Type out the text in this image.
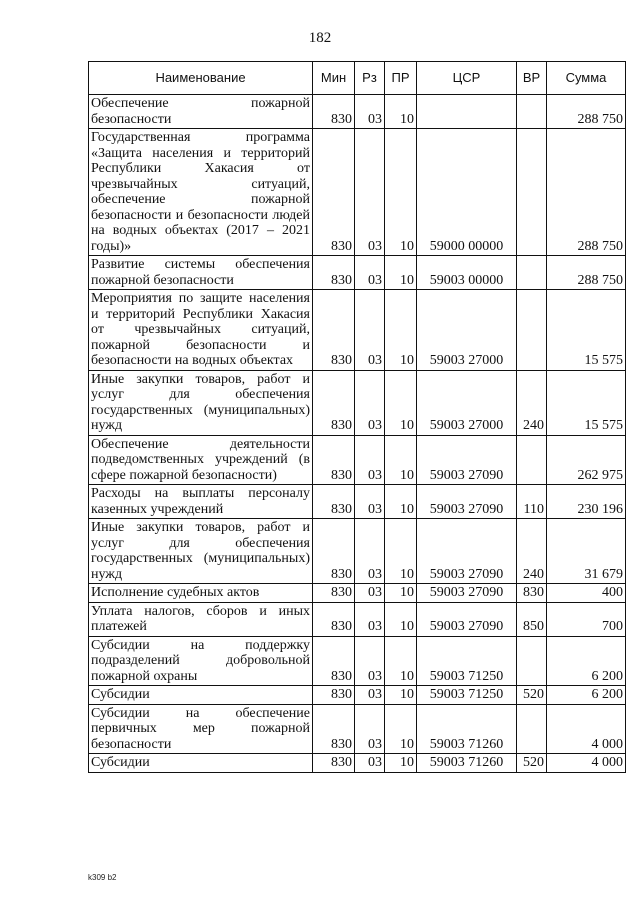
182
Наименование	Мин	Рз	ПР	ЦСР	ВР	Сумма
Обеспечение пожарной безопасности	830	03	10			288 750
Государственная программа «Защита населения и территорий Республики Хакасия от чрезвычайных ситуаций, обеспечение пожарной безопасности и безопасности людей на водных объектах (2017 – 2021 годы)»	830	03	10	59000 00000		288 750
Развитие системы обеспечения пожарной безопасности	830	03	10	59003 00000		288 750
Мероприятия по защите населения и территорий Республики Хакасия от чрезвычайных ситуаций, пожарной безопасности и безопасности на водных объектах	830	03	10	59003 27000		15 575
Иные закупки товаров, работ и услуг для обеспечения государственных (муниципальных) нужд	830	03	10	59003 27000	240	15 575
Обеспечение деятельности подведомственных учреждений (в сфере пожарной безопасности)	830	03	10	59003 27090		262 975
Расходы на выплаты персоналу казенных учреждений	830	03	10	59003 27090	110	230 196
Иные закупки товаров, работ и услуг для обеспечения государственных (муниципальных) нужд	830	03	10	59003 27090	240	31 679
Исполнение судебных актов	830	03	10	59003 27090	830	400
Уплата налогов, сборов и иных платежей	830	03	10	59003 27090	850	700
Субсидии на поддержку подразделений добровольной пожарной охраны	830	03	10	59003 71250		6 200
Субсидии	830	03	10	59003 71250	520	6 200
Субсидии на обеспечение первичных мер пожарной безопасности	830	03	10	59003 71260		4 000
Субсидии	830	03	10	59003 71260	520	4 000
k309 b2
